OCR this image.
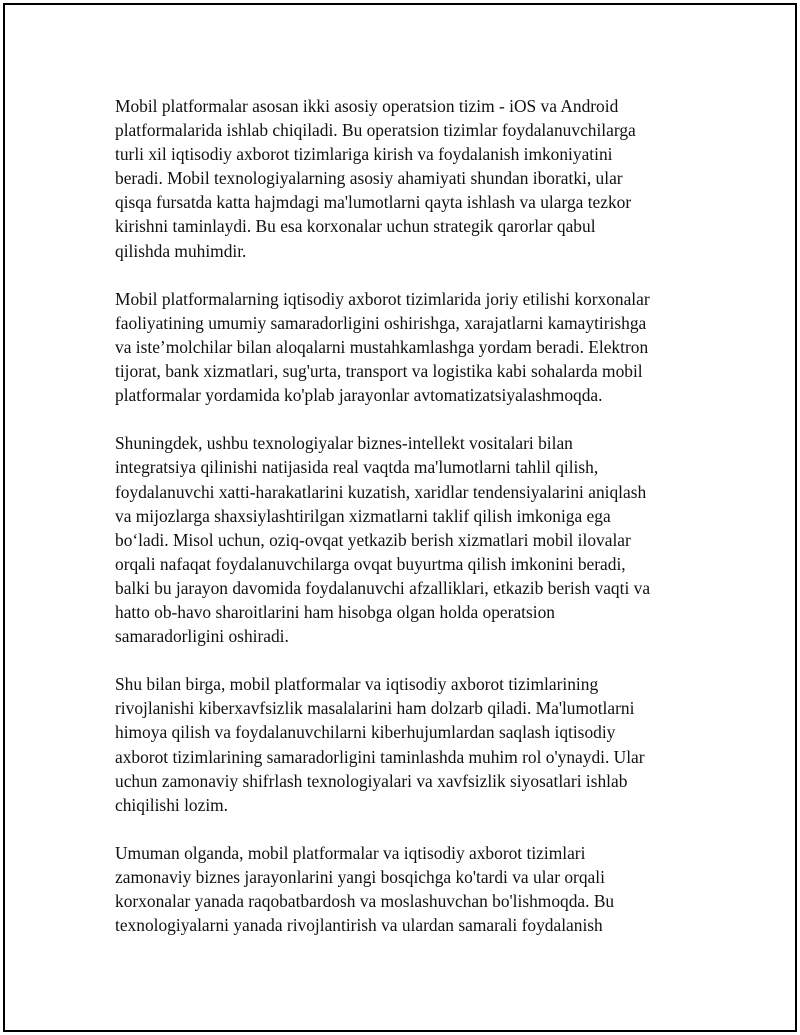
Mobil platformalar asosan ikki asosiy operatsion tizim - iOS va Android
platformalarida ishlab chiqiladi. Bu operatsion tizimlar foydalanuvchilarga
turli xil iqtisodiy axborot tizimlariga kirish va foydalanish imkoniyatini
beradi. Mobil texnologiyalarning asosiy ahamiyati shundan iboratki, ular
qisqa fursatda katta hajmdagi ma'lumotlarni qayta ishlash va ularga tezkor
kirishni taminlaydi. Bu esa korxonalar uchun strategik qarorlar qabul
qilishda muhimdir.

Mobil platformalarning iqtisodiy axborot tizimlarida joriy etilishi korxonalar
faoliyatining umumiy samaradorligini oshirishga, xarajatlarni kamaytirishga
va iste’molchilar bilan aloqalarni mustahkamlashga yordam beradi. Elektron
tijorat, bank xizmatlari, sug'urta, transport va logistika kabi sohalarda mobil
platformalar yordamida ko'plab jarayonlar avtomatizatsiyalashmoqda.

Shuningdek, ushbu texnologiyalar biznes-intellekt vositalari bilan
integratsiya qilinishi natijasida real vaqtda ma'lumotlarni tahlil qilish,
foydalanuvchi xatti-harakatlarini kuzatish, xaridlar tendensiyalarini aniqlash
va mijozlarga shaxsiylashtirilgan xizmatlarni taklif qilish imkoniga ega
bo‘ladi. Misol uchun, oziq-ovqat yetkazib berish xizmatlari mobil ilovalar
orqali nafaqat foydalanuvchilarga ovqat buyurtma qilish imkonini beradi,
balki bu jarayon davomida foydalanuvchi afzalliklari, etkazib berish vaqti va
hatto ob-havo sharoitlarini ham hisobga olgan holda operatsion
samaradorligini oshiradi.

Shu bilan birga, mobil platformalar va iqtisodiy axborot tizimlarining
rivojlanishi kiberxavfsizlik masalalarini ham dolzarb qiladi. Ma'lumotlarni
himoya qilish va foydalanuvchilarni kiberhujumlardan saqlash iqtisodiy
axborot tizimlarining samaradorligini taminlashda muhim rol o'ynaydi. Ular
uchun zamonaviy shifrlash texnologiyalari va xavfsizlik siyosatlari ishlab
chiqilishi lozim.

Umuman olganda, mobil platformalar va iqtisodiy axborot tizimlari
zamonaviy biznes jarayonlarini yangi bosqichga ko'tardi va ular orqali
korxonalar yanada raqobatbardosh va moslashuvchan bo'lishmoqda. Bu
texnologiyalarni yanada rivojlantirish va ulardan samarali foydalanish
